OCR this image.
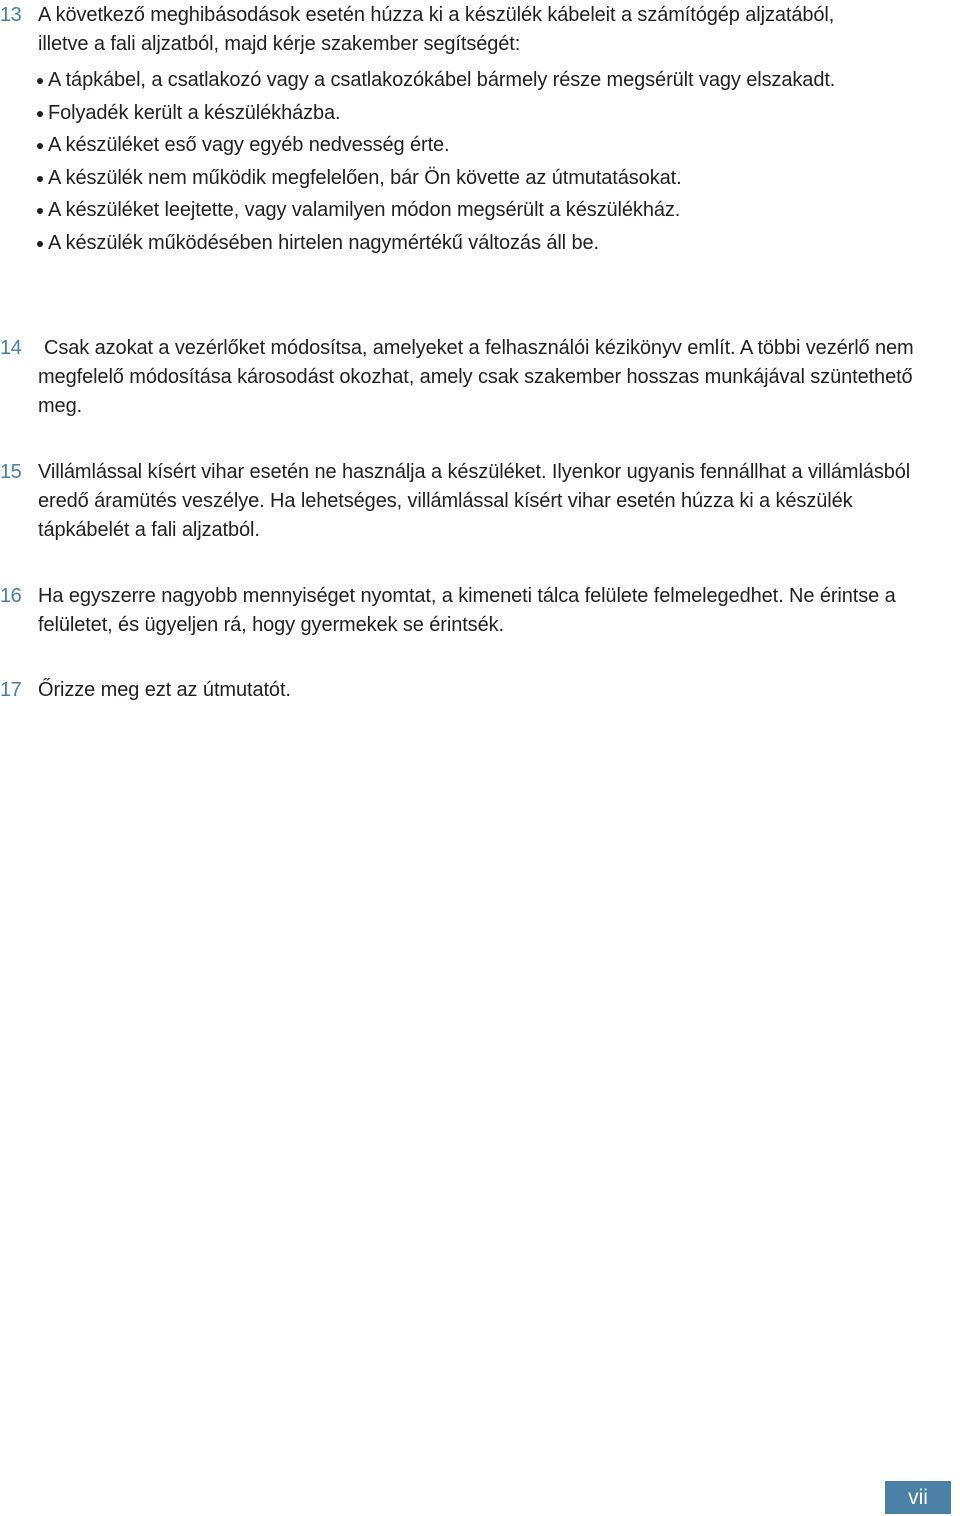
13 A következő meghibásodások esetén húzza ki a készülék kábeleit a számítógép aljzatából, illetve a fali aljzatból, majd kérje szakember segítségét:
A tápkábel, a csatlakozó vagy a csatlakozókábel bármely része megsérült vagy elszakadt.
Folyadék került a készülékházba.
A készüléket eső vagy egyéb nedvesség érte.
A készülék nem működik megfelelően, bár Ön követte az útmutatásokat.
A készüléket leejtette, vagy valamilyen módon megsérült a készülékház.
A készülék működésében hirtelen nagymértékű változás áll be.
14	Csak azokat a vezérlőket módosítsa, amelyeket a felhasználói kézikönyv említ. A többi vezérlő nem megfelelő módosítása károsodást okozhat, amely csak szakember hosszas munkájával szüntethető meg.
15 Villámlással kísért vihar esetén ne használja a készüléket. Ilyenkor ugyanis fennállhat a villámlásból eredő áramütés veszélye. Ha lehetséges, villámlással kísért vihar esetén húzza ki a készülék tápkábelét a fali aljzatból.
16 Ha egyszerre nagyobb mennyiséget nyomtat, a kimeneti tálca felülete felmelegedhet. Ne érintse a felületet, és ügyeljen rá, hogy gyermekek se érintsék.
17 Őrizze meg ezt az útmutatót.
vii
